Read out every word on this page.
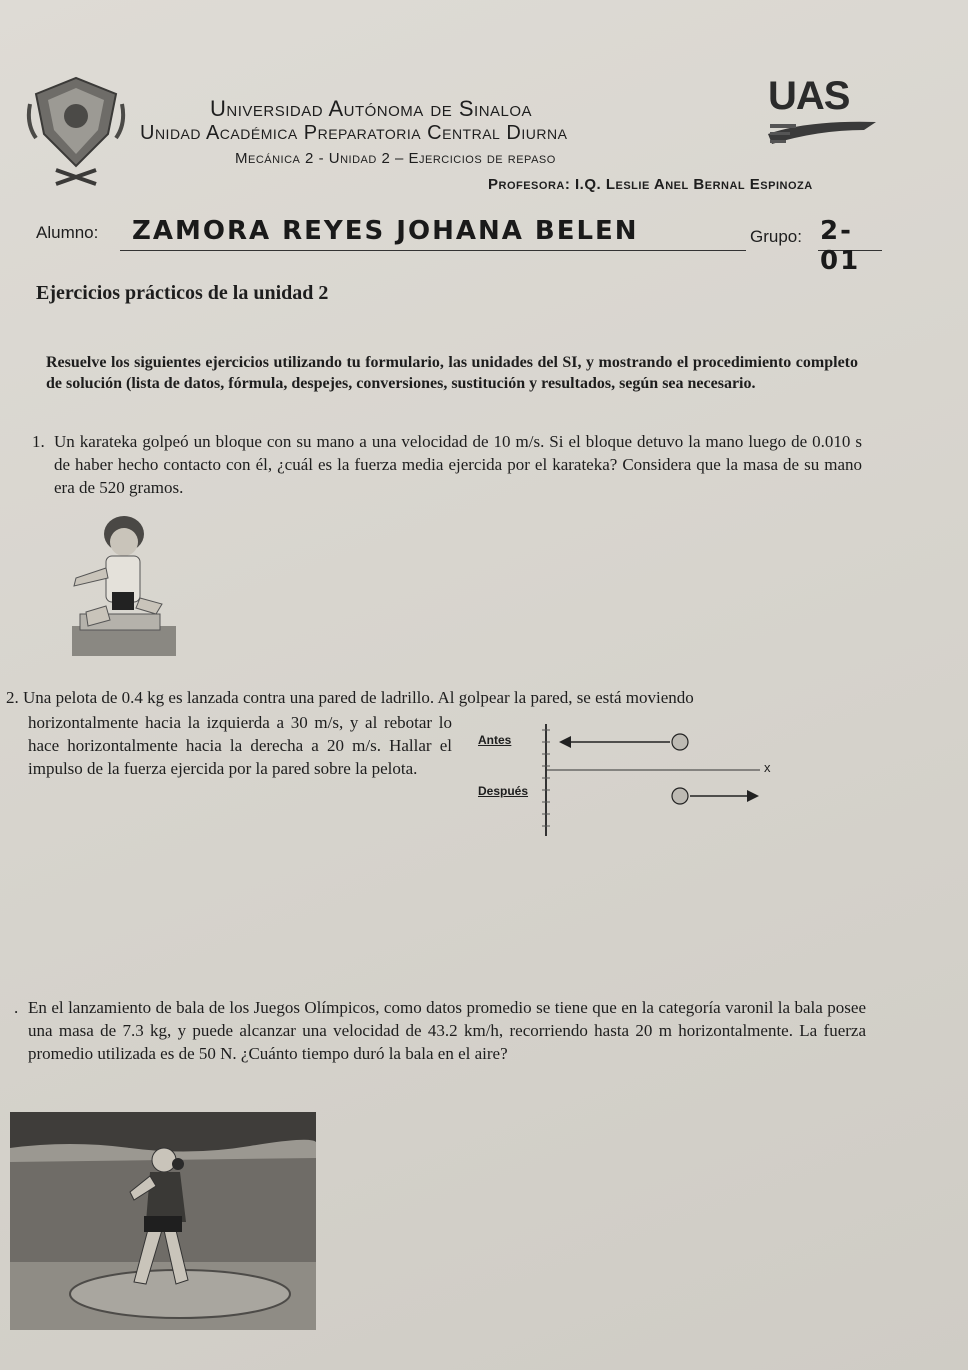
Universidad Autónoma de Sinaloa
Unidad Académica Preparatoria Central Diurna
Mecánica 2 - Unidad 2 – Ejercicios de repaso
Profesora: I.Q. Leslie Anel Bernal Espinoza
UAS
Alumno: ZAMORA REYES JOHANA BELEN	Grupo: 2-01
Ejercicios prácticos de la unidad 2
Resuelve los siguientes ejercicios utilizando tu formulario, las unidades del SI, y mostrando el procedimiento completo de solución (lista de datos, fórmula, despejes, conversiones, sustitución y resultados, según sea necesario.
1. Un karateka golpeó un bloque con su mano a una velocidad de 10 m/s. Si el bloque detuvo la mano luego de 0.010 s de haber hecho contacto con él, ¿cuál es la fuerza media ejercida por el karateka? Considera que la masa de su mano era de 520 gramos.
2. Una pelota de 0.4 kg es lanzada contra una pared de ladrillo. Al golpear la pared, se está moviendo
horizontalmente hacia la izquierda a 30 m/s, y al rebotar lo hace horizontalmente hacia la derecha a 20 m/s. Hallar el impulso de la fuerza ejercida por la pared sobre la pelota.
Antes
Después
x
. En el lanzamiento de bala de los Juegos Olímpicos, como datos promedio se tiene que en la categoría varonil la bala posee una masa de 7.3 kg, y puede alcanzar una velocidad de 43.2 km/h, recorriendo hasta 20 m horizontalmente. La fuerza promedio utilizada es de 50 N. ¿Cuánto tiempo duró la bala en el aire?
